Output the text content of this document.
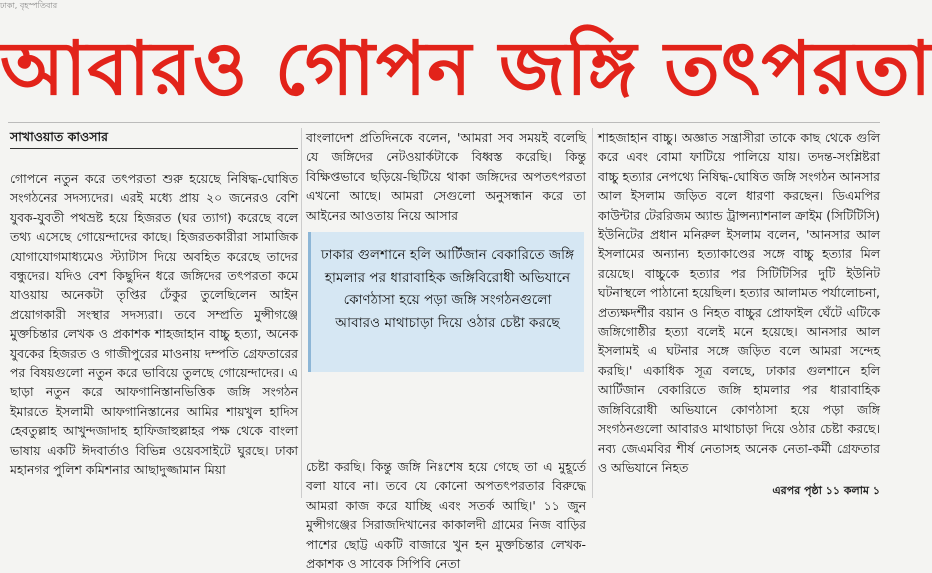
ঢাকা, বৃহস্পতিবার
আবারও গোপন জঙ্গি তৎপরতা

সাখাওয়াত কাওসার

গোপনে নতুন করে তৎপরতা শুরু হয়েছে নিষিদ্ধ-ঘোষিত সংগঠনের সদস্যদের। এরই মধ্যে প্রায় ২০ জনেরও বেশি যুবক-যুবতী পথভ্রষ্ট হয়ে হিজরত (ঘর ত্যাগ) করেছে বলে তথ্য এসেছে গোয়েন্দাদের কাছে। হিজরতকারীরা সামাজিক যোগাযোগমাধ্যমেও স্ট্যাটাস দিয়ে অবহিত করেছে তাদের বন্ধুদের। যদিও বেশ কিছুদিন ধরে জঙ্গিদের তৎপরতা কমে যাওয়ায় অনেকটা তৃপ্তির ঢেঁকুর তুলেছিলেন আইন প্রয়োগকারী সংস্থার সদস্যরা। তবে সম্প্রতি মুন্সীগঞ্জে মুক্তচিন্তার লেখক ও প্রকাশক শাহজাহান বাচ্চু হত্যা, অনেক যুবকের হিজরত ও গাজীপুরের মাওনায় দম্পতি গ্রেফতারের পর বিষয়গুলো নতুন করে ভাবিয়ে তুলছে গোয়েন্দাদের। এ ছাড়া নতুন করে আফগানিস্তানভিত্তিক জঙ্গি সংগঠন ইমারতে ইসলামী আফগানিস্তানের আমির শায়খুল হাদিস হেবতুল্লাহ আখুন্দজাদাহ হাফিজাহুল্লাহর পক্ষ থেকে বাংলা ভাষায় একটি ঈদবার্তাও বিভিন্ন ওয়েবসাইটে ঘুরছে। ঢাকা মহানগর পুলিশ কমিশনার আছাদুজ্জামান মিয়া

বাংলাদেশ প্রতিদিনকে বলেন, 'আমরা সব সময়ই বলেছি যে জঙ্গিদের নেটওয়ার্কটাকে বিধ্বস্ত করেছি। কিন্তু বিক্ষিপ্তভাবে ছড়িয়ে-ছিটিয়ে থাকা জঙ্গিদের অপতৎপরতা এখনো আছে। আমরা সেগুলো অনুসন্ধান করে তা আইনের আওতায় নিয়ে আসার

চেষ্টা করছি। কিন্তু জঙ্গি নিঃশেষ হয়ে গেছে তা এ মুহূর্তে বলা যাবে না। তবে যে কোনো অপতৎপরতার বিরুদ্ধে আমরা কাজ করে যাচ্ছি এবং সতর্ক আছি।' ১১ জুন মুন্সীগঞ্জের সিরাজদিখানের কাকালদী গ্রামের নিজ বাড়ির পাশের ছোট্ট একটি বাজারে খুন হন মুক্তচিন্তার লেখক-প্রকাশক ও সাবেক সিপিবি নেতা

ঢাকার গুলশানে হলি আর্টিজান বেকারিতে জঙ্গি হামলার পর ধারাবাহিক জঙ্গিবিরোধী অভিযানে কোণঠাসা হয়ে পড়া জঙ্গি সংগঠনগুলো আবারও মাথাচাড়া দিয়ে ওঠার চেষ্টা করছে

শাহজাহান বাচ্চু। অজ্ঞাত সন্ত্রাসীরা তাকে কাছ থেকে গুলি করে এবং বোমা ফাটিয়ে পালিয়ে যায়। তদন্ত-সংশ্লিষ্টরা বাচ্চু হত্যার নেপথ্যে নিষিদ্ধ-ঘোষিত জঙ্গি সংগঠন আনসার আল ইসলাম জড়িত বলে ধারণা করছেন। ডিএমপির কাউন্টার টেররিজম অ্যান্ড ট্রান্সন্যাশনাল ক্রাইম (সিটিটিসি) ইউনিটের প্রধান মনিরুল ইসলাম বলেন, 'আনসার আল ইসলামের অন্যান্য হত্যাকাণ্ডের সঙ্গে বাচ্চু হত্যার মিল রয়েছে। বাচ্চুকে হত্যার পর সিটিটিসির দুটি ইউনিট ঘটনাস্থলে পাঠানো হয়েছিল। হত্যার আলামত পর্যালোচনা, প্রত্যক্ষদর্শীর বয়ান ও নিহত বাচ্চুর প্রোফাইল ঘেঁটে এটিকে জঙ্গিগোষ্ঠীর হত্যা বলেই মনে হয়েছে। আনসার আল ইসলামই এ ঘটনার সঙ্গে জড়িত বলে আমরা সন্দেহ করছি।' একাধিক সূত্র বলছে, ঢাকার গুলশানে হলি আর্টিজান বেকারিতে জঙ্গি হামলার পর ধারাবাহিক জঙ্গিবিরোধী অভিযানে কোণঠাসা হয়ে পড়া জঙ্গি সংগঠনগুলো আবারও মাথাচাড়া দিয়ে ওঠার চেষ্টা করছে। নব্য জেএমবির শীর্ষ নেতাসহ অনেক নেতা-কর্মী গ্রেফতার ও অভিযানে নিহত

এরপর পৃষ্ঠা ১১ কলাম ১
